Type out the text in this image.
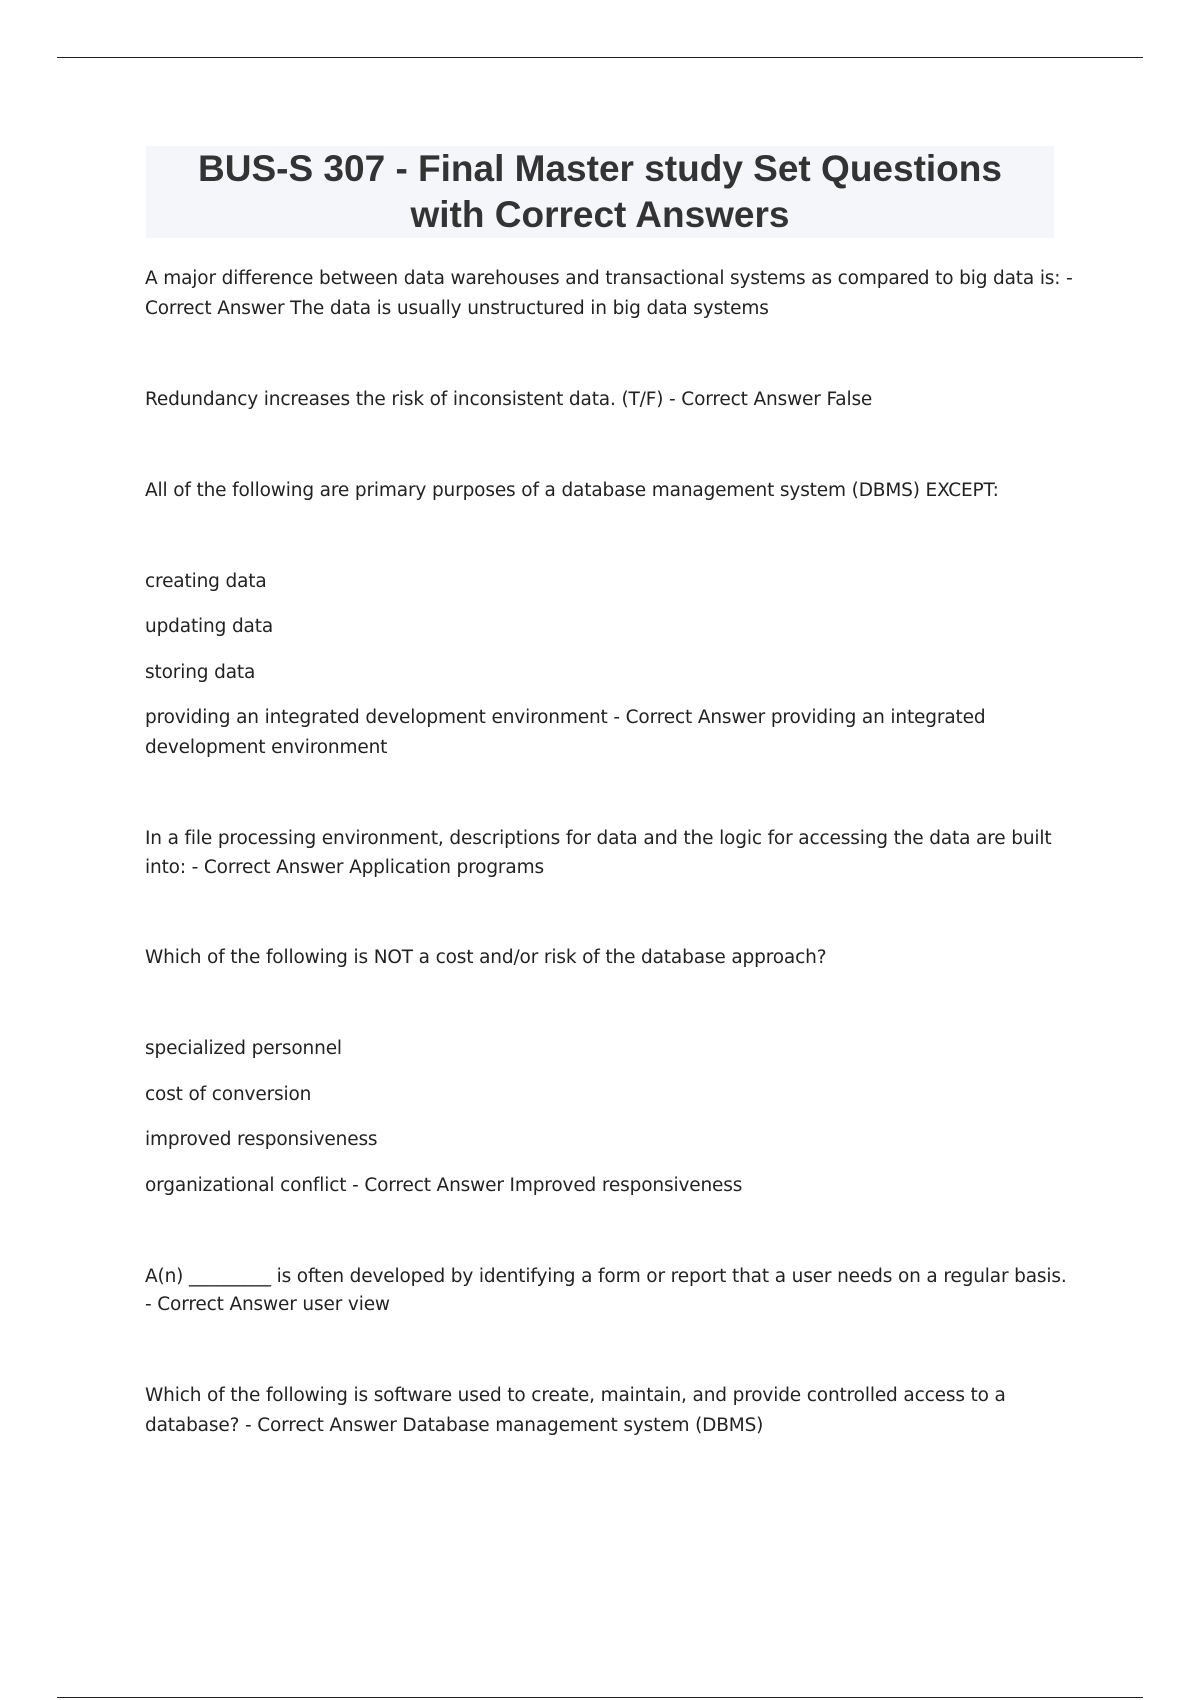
BUS-S 307 - Final Master study Set Questions
with Correct Answers
A major difference between data warehouses and transactional systems as compared to big data is: -
Correct Answer The data is usually unstructured in big data systems
Redundancy increases the risk of inconsistent data. (T/F) - Correct Answer False
All of the following are primary purposes of a database management system (DBMS) EXCEPT:
creating data
updating data
storing data
providing an integrated development environment - Correct Answer providing an integrated
development environment
In a file processing environment, descriptions for data and the logic for accessing the data are built
into: - Correct Answer Application programs
Which of the following is NOT a cost and/or risk of the database approach?
specialized personnel
cost of conversion
improved responsiveness
organizational conflict - Correct Answer Improved responsiveness
A(n) _________ is often developed by identifying a form or report that a user needs on a regular basis.
- Correct Answer user view
Which of the following is software used to create, maintain, and provide controlled access to a
database? - Correct Answer Database management system (DBMS)
